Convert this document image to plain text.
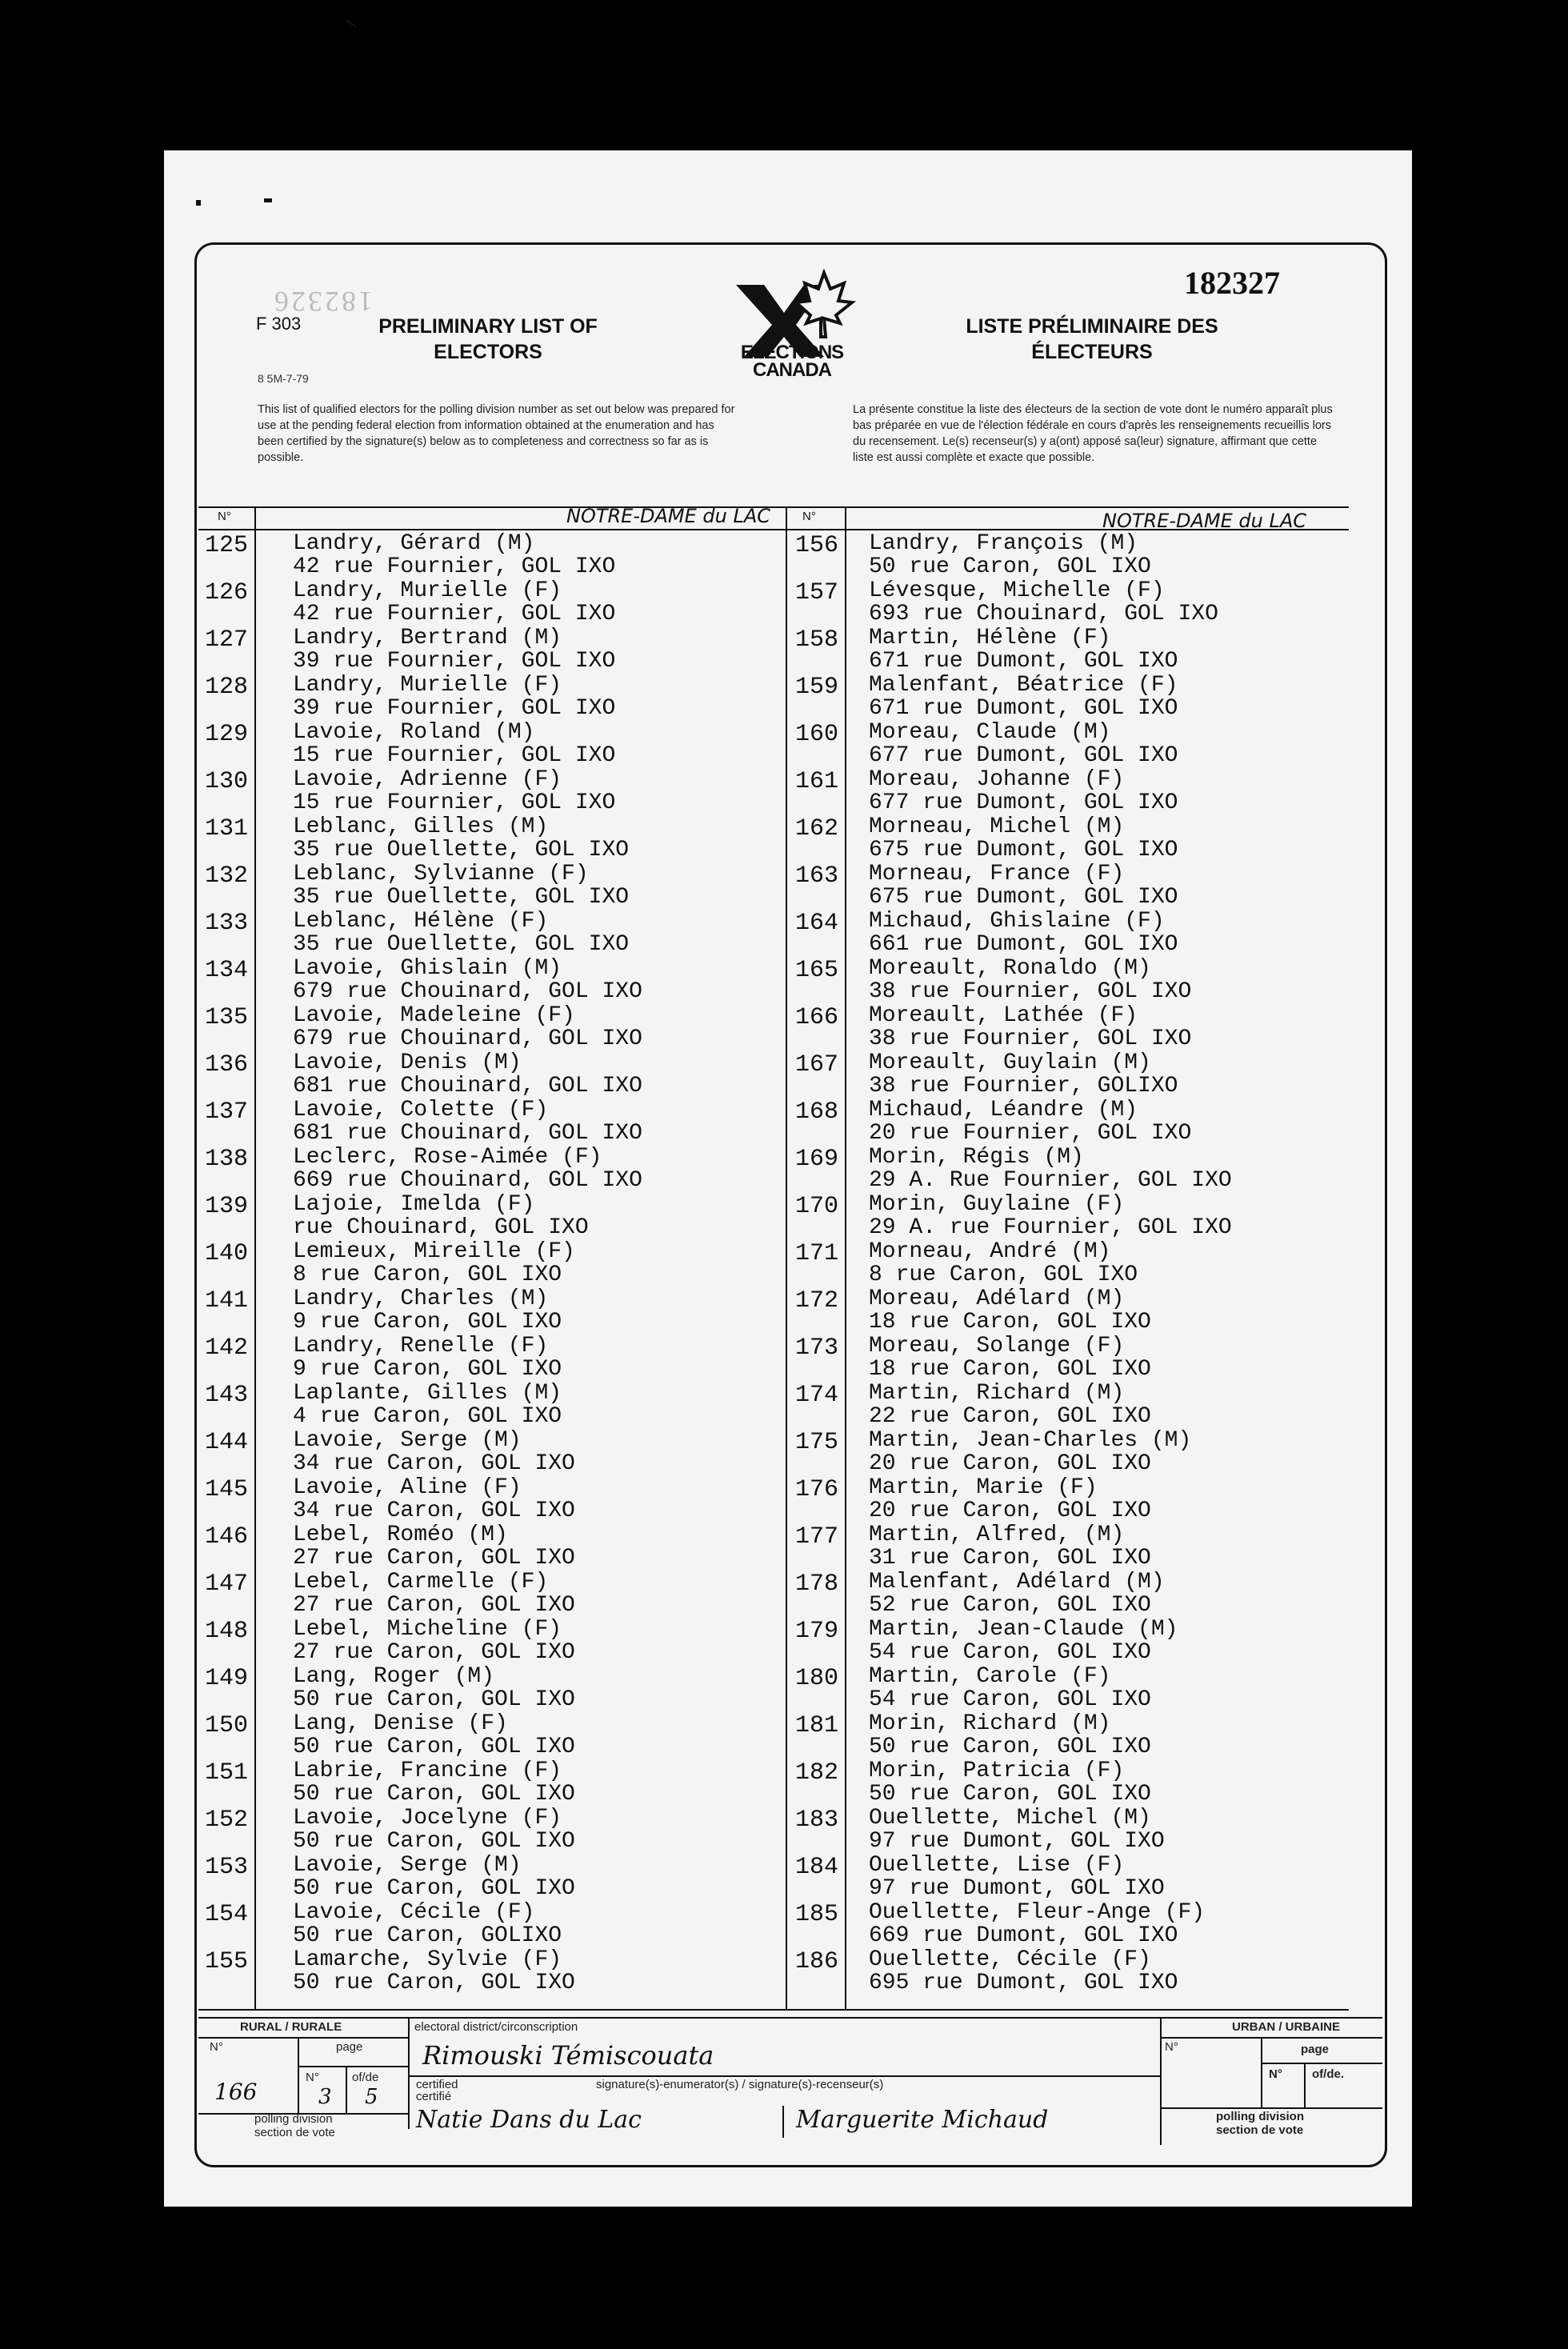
182326
F 303
8 5M-7-79
PRELIMINARY LIST OF
ELECTORS	ELECTIONS
CANADA
182327
LISTE PRÉLIMINAIRE DES
ÉLECTEURS
This list of qualified electors for the polling division number as set out below was prepared for use at the pending federal election from information obtained at the enumeration and has been certified by the signature(s) below as to completeness and correctness so far as is possible.
La présente constitue la liste des électeurs de la section de vote dont le numéro apparaît plus bas préparée en vue de l'élection fédérale en cours d'après les renseignements recueillis lors du recensement. Le(s) recenseur(s) y a(ont) apposé sa(leur) signature, affirmant que cette liste est aussi complète et exacte que possible.
N°	N°
NOTRE-DAME du LAC	NOTRE-DAME du LAC
125	Landry, Gérard (M)
42 rue Fournier, GOL IXO
126	Landry, Murielle (F)
42 rue Fournier, GOL IXO
127	Landry, Bertrand (M)
39 rue Fournier, GOL IXO
128	Landry, Murielle (F)
39 rue Fournier, GOL IXO
129	Lavoie, Roland (M)
15 rue Fournier, GOL IXO
130	Lavoie, Adrienne (F)
15 rue Fournier, GOL IXO
131	Leblanc, Gilles (M)
35 rue Ouellette, GOL IXO
132	Leblanc, Sylvianne (F)
35 rue Ouellette, GOL IXO
133	Leblanc, Hélène (F)
35 rue Ouellette, GOL IXO
134	Lavoie, Ghislain (M)
679 rue Chouinard, GOL IXO
135	Lavoie, Madeleine (F)
679 rue Chouinard, GOL IXO
136	Lavoie, Denis (M)
681 rue Chouinard, GOL IXO
137	Lavoie, Colette (F)
681 rue Chouinard, GOL IXO
138	Leclerc, Rose-Aimée (F)
669 rue Chouinard, GOL IXO
139	Lajoie, Imelda (F)
rue Chouinard, GOL IXO
140	Lemieux, Mireille (F)
8 rue Caron, GOL IXO
141	Landry, Charles (M)
9 rue Caron, GOL IXO
142	Landry, Renelle (F)
9 rue Caron, GOL IXO
143	Laplante, Gilles (M)
4 rue Caron, GOL IXO
144	Lavoie, Serge (M)
34 rue Caron, GOL IXO
145	Lavoie, Aline (F)
34 rue Caron, GOL IXO
146	Lebel, Roméo (M)
27 rue Caron, GOL IXO
147	Lebel, Carmelle (F)
27 rue Caron, GOL IXO
148	Lebel, Micheline (F)
27 rue Caron, GOL IXO
149	Lang, Roger (M)
50 rue Caron, GOL IXO
150	Lang, Denise (F)
50 rue Caron, GOL IXO
151	Labrie, Francine (F)
50 rue Caron, GOL IXO
152	Lavoie, Jocelyne (F)
50 rue Caron, GOL IXO
153	Lavoie, Serge (M)
50 rue Caron, GOL IXO
154	Lavoie, Cécile (F)
50 rue Caron, GOLIXO
155	Lamarche, Sylvie (F)
50 rue Caron, GOL IXO
156	Landry, François (M)
50 rue Caron, GOL IXO
157	Lévesque, Michelle (F)
693 rue Chouinard, GOL IXO
158	Martin, Hélène (F)
671 rue Dumont, GOL IXO
159	Malenfant, Béatrice (F)
671 rue Dumont, GOL IXO
160	Moreau, Claude (M)
677 rue Dumont, GOL IXO
161	Moreau, Johanne (F)
677 rue Dumont, GOL IXO
162	Morneau, Michel (M)
675 rue Dumont, GOL IXO
163	Morneau, France (F)
675 rue Dumont, GOL IXO
164	Michaud, Ghislaine (F)
661 rue Dumont, GOL IXO
165	Moreault, Ronaldo (M)
38 rue Fournier, GOL IXO
166	Moreault, Lathée (F)
38 rue Fournier, GOL IXO
167	Moreault, Guylain (M)
38 rue Fournier, GOLIXO
168	Michaud, Léandre (M)
20 rue Fournier, GOL IXO
169	Morin, Régis (M)
29 A. Rue Fournier, GOL IXO
170	Morin, Guylaine (F)
29 A. rue Fournier, GOL IXO
171	Morneau, André (M)
8 rue Caron, GOL IXO
172	Moreau, Adélard (M)
18 rue Caron, GOL IXO
173	Moreau, Solange (F)
18 rue Caron, GOL IXO
174	Martin, Richard (M)
22 rue Caron, GOL IXO
175	Martin, Jean-Charles (M)
20 rue Caron, GOL IXO
176	Martin, Marie (F)
20 rue Caron, GOL IXO
177	Martin, Alfred, (M)
31 rue Caron, GOL IXO
178	Malenfant, Adélard (M)
52 rue Caron, GOL IXO
179	Martin, Jean-Claude (M)
54 rue Caron, GOL IXO
180	Martin, Carole (F)
54 rue Caron, GOL IXO
181	Morin, Richard (M)
50 rue Caron, GOL IXO
182	Morin, Patricia (F)
50 rue Caron, GOL IXO
183	Ouellette, Michel (M)
97 rue Dumont, GOL IXO
184	Ouellette, Lise (F)
97 rue Dumont, GOL IXO
185	Ouellette, Fleur-Ange (F)
669 rue Dumont, GOL IXO
186	Ouellette, Cécile (F)
695 rue Dumont, GOL IXO
RURAL / RURALE
N°	page
N°	of/de
166	3 5
polling division
section de vote
electoral district/circonscription
Rimouski Témiscouata
certified
certifié
signature(s)-enumerator(s) / signature(s)-recenseur(s)
Natie Dans du Lac	Marguerite Michaud
URBAN / URBAINE
N°	page
N° of/de.
polling division
section de vote
